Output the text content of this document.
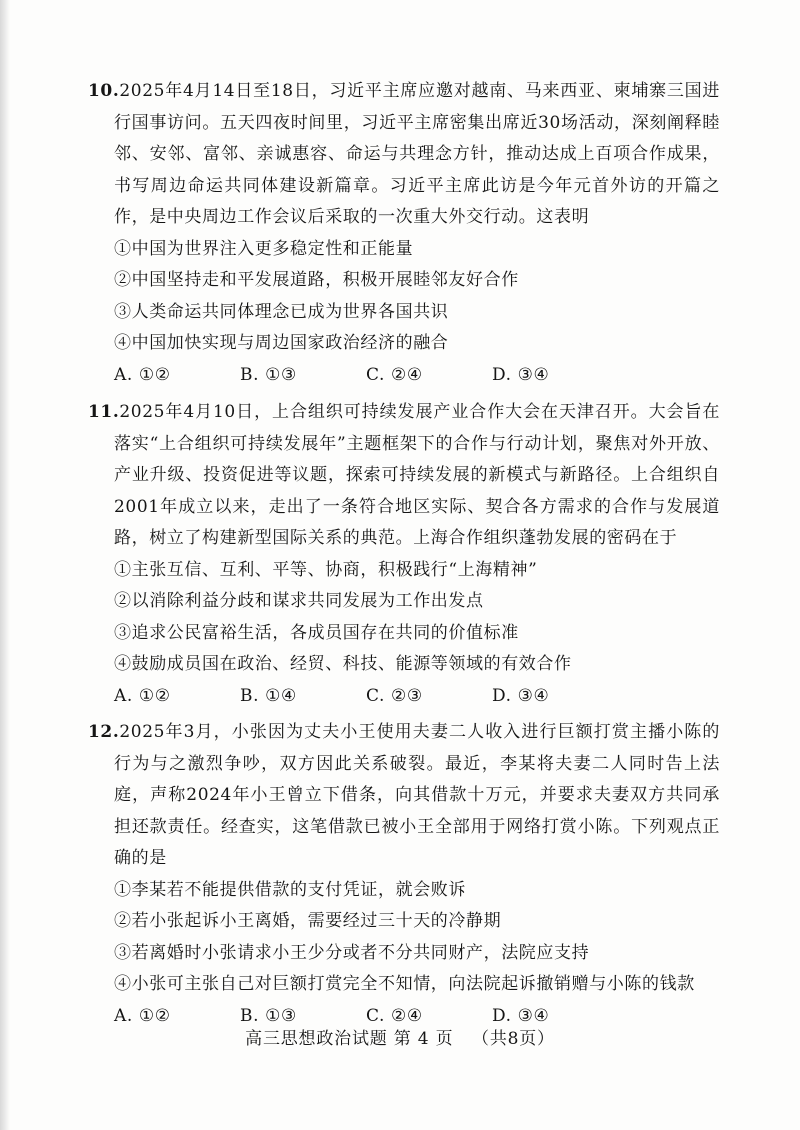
10.2025年4月14日至18日，习近平主席应邀对越南、马来西亚、柬埔寨三国进行国事访问。五天四夜时间里，习近平主席密集出席近30场活动，深刻阐释睦邻、安邻、富邻、亲诚惠容、命运与共理念方针，推动达成上百项合作成果，书写周边命运共同体建设新篇章。习近平主席此访是今年元首外访的开篇之作，是中央周边工作会议后采取的一次重大外交行动。这表明

①中国为世界注入更多稳定性和正能量

②中国坚持走和平发展道路，积极开展睦邻友好合作

③人类命运共同体理念已成为世界各国共识

④中国加快实现与周边国家政治经济的融合

A. ①②	B. ①③	C. ②④	D. ③④

11.2025年4月10日，上合组织可持续发展产业合作大会在天津召开。大会旨在落实“上合组织可持续发展年”主题框架下的合作与行动计划，聚焦对外开放、产业升级、投资促进等议题，探索可持续发展的新模式与新路径。上合组织自2001年成立以来，走出了一条符合地区实际、契合各方需求的合作与发展道路，树立了构建新型国际关系的典范。上海合作组织蓬勃发展的密码在于

①主张互信、互利、平等、协商，积极践行“上海精神”

②以消除利益分歧和谋求共同发展为工作出发点

③追求公民富裕生活，各成员国存在共同的价值标准

④鼓励成员国在政治、经贸、科技、能源等领域的有效合作

A. ①②	B. ①④	C. ②③	D. ③④

12.2025年3月，小张因为丈夫小王使用夫妻二人收入进行巨额打赏主播小陈的行为与之激烈争吵，双方因此关系破裂。最近，李某将夫妻二人同时告上法庭，声称2024年小王曾立下借条，向其借款十万元，并要求夫妻双方共同承担还款责任。经查实，这笔借款已被小王全部用于网络打赏小陈。下列观点正确的是

①李某若不能提供借款的支付凭证，就会败诉

②若小张起诉小王离婚，需要经过三十天的冷静期

③若离婚时小张请求小王少分或者不分共同财产，法院应支持

④小张可主张自己对巨额打赏完全不知情，向法院起诉撤销赠与小陈的钱款

A. ①②	B. ①③	C. ②④	D. ③④
高三思想政治试题 第 4 页 （共8页）
